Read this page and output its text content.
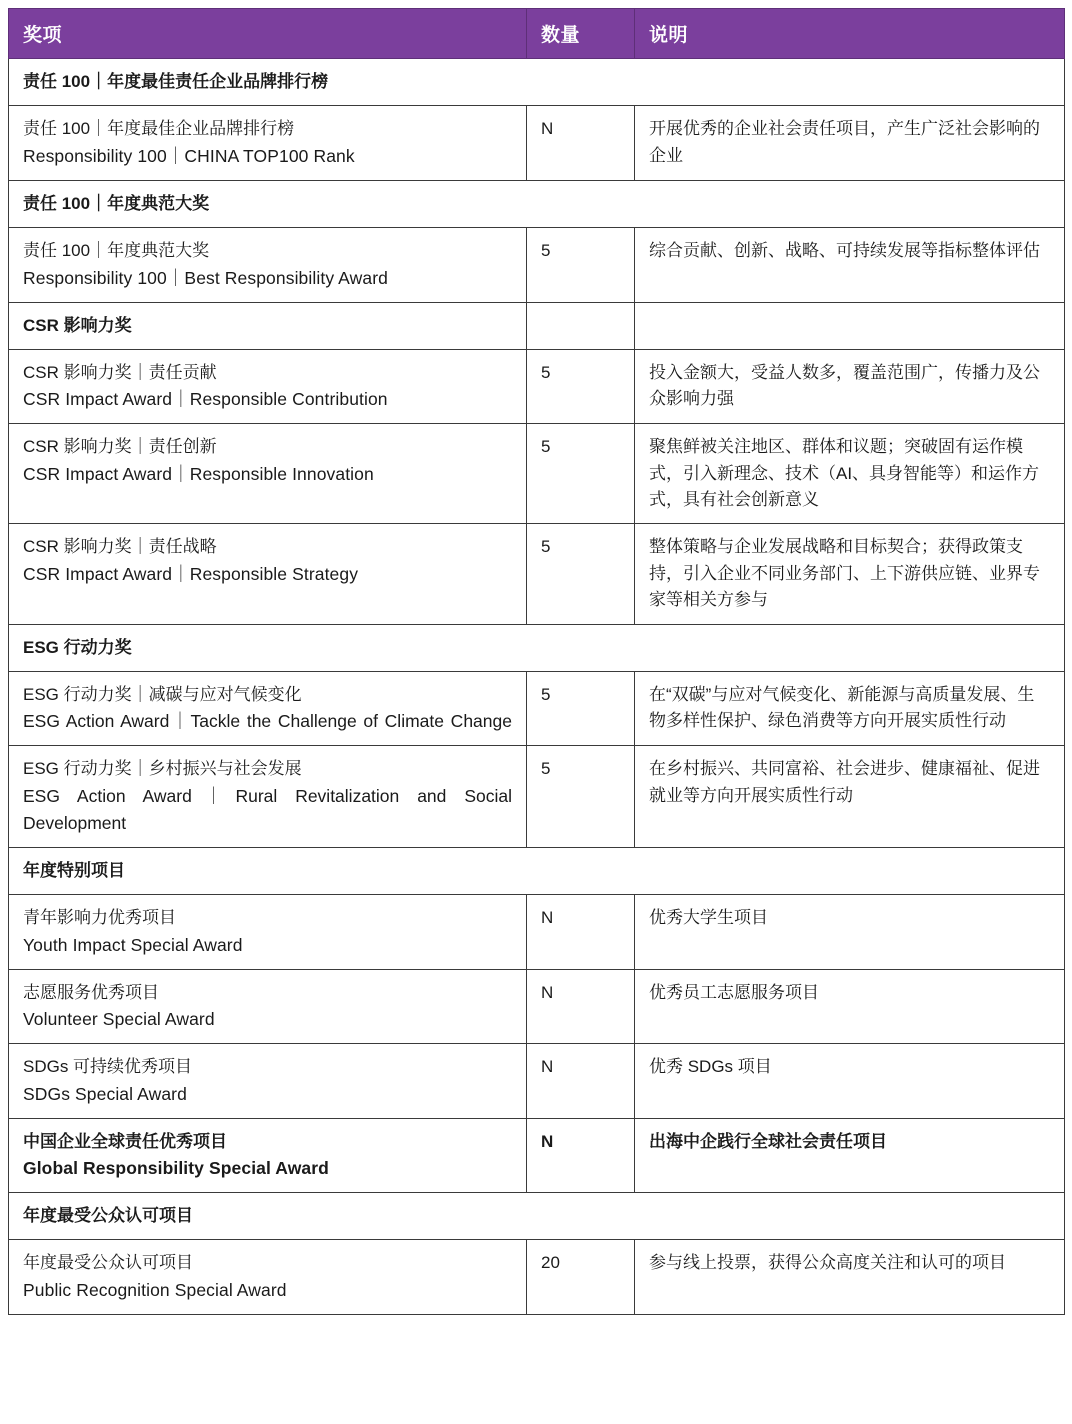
奖项	数量	说明
责任 100｜年度最佳责任企业品牌排行榜		

责任 100｜年度最佳企业品牌排行榜
Responsibility 100｜CHINA TOP100 Rank	N	开展优秀的企业社会责任项目，产生广泛社会影响的企业
责任 100｜年度典范大奖		

责任 100｜年度典范大奖
Responsibility 100｜Best Responsibility Award	5	综合贡献、创新、战略、可持续发展等指标整体评估
CSR 影响力奖		

CSR 影响力奖｜责任贡献
CSR Impact Award｜Responsible Contribution	5	投入金额大，受益人数多，覆盖范围广，传播力及公众影响力强

CSR 影响力奖｜责任创新
CSR Impact Award｜Responsible Innovation	5	聚焦鲜被关注地区、群体和议题；突破固有运作模式，引入新理念、技术（AI、具身智能等）和运作方式，具有社会创新意义

CSR 影响力奖｜责任战略
CSR Impact Award｜Responsible Strategy	5	整体策略与企业发展战略和目标契合；获得政策支持，引入企业不同业务部门、上下游供应链、业界专家等相关方参与
ESG 行动力奖		

ESG 行动力奖｜减碳与应对气候变化
ESG Action Award｜Tackle the Challenge of Climate Change	5	在“双碳”与应对气候变化、新能源与高质量发展、生物多样性保护、绿色消费等方向开展实质性行动

ESG 行动力奖｜乡村振兴与社会发展
ESG Action Award｜Rural Revitalization and Social Development	5	在乡村振兴、共同富裕、社会进步、健康福祉、促进就业等方向开展实质性行动
年度特别项目		

青年影响力优秀项目
Youth Impact Special Award	N	优秀大学生项目

志愿服务优秀项目
Volunteer Special Award	N	优秀员工志愿服务项目

SDGs 可持续优秀项目
SDGs Special Award	N	优秀 SDGs 项目

中国企业全球责任优秀项目
Global Responsibility Special Award	N	出海中企践行全球社会责任项目
年度最受公众认可项目		

年度最受公众认可项目
Public Recognition Special Award	20	参与线上投票，获得公众高度关注和认可的项目
